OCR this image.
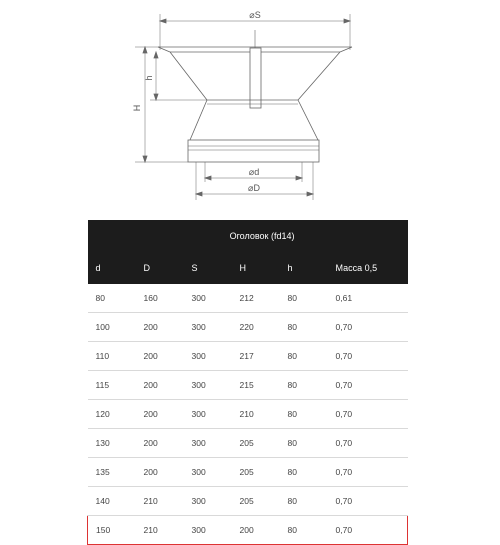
⌀S
h
H
⌀d
⌀D
Оголовок (fd14)					
d	D	S	H	h	Масса 0,5
80	160	300	212	80	0,61
100	200	300	220	80	0,70
110	200	300	217	80	0,70
115	200	300	215	80	0,70
120	200	300	210	80	0,70
130	200	300	205	80	0,70
135	200	300	205	80	0,70
140	210	300	205	80	0,70
150	210	300	200	80	0,70
